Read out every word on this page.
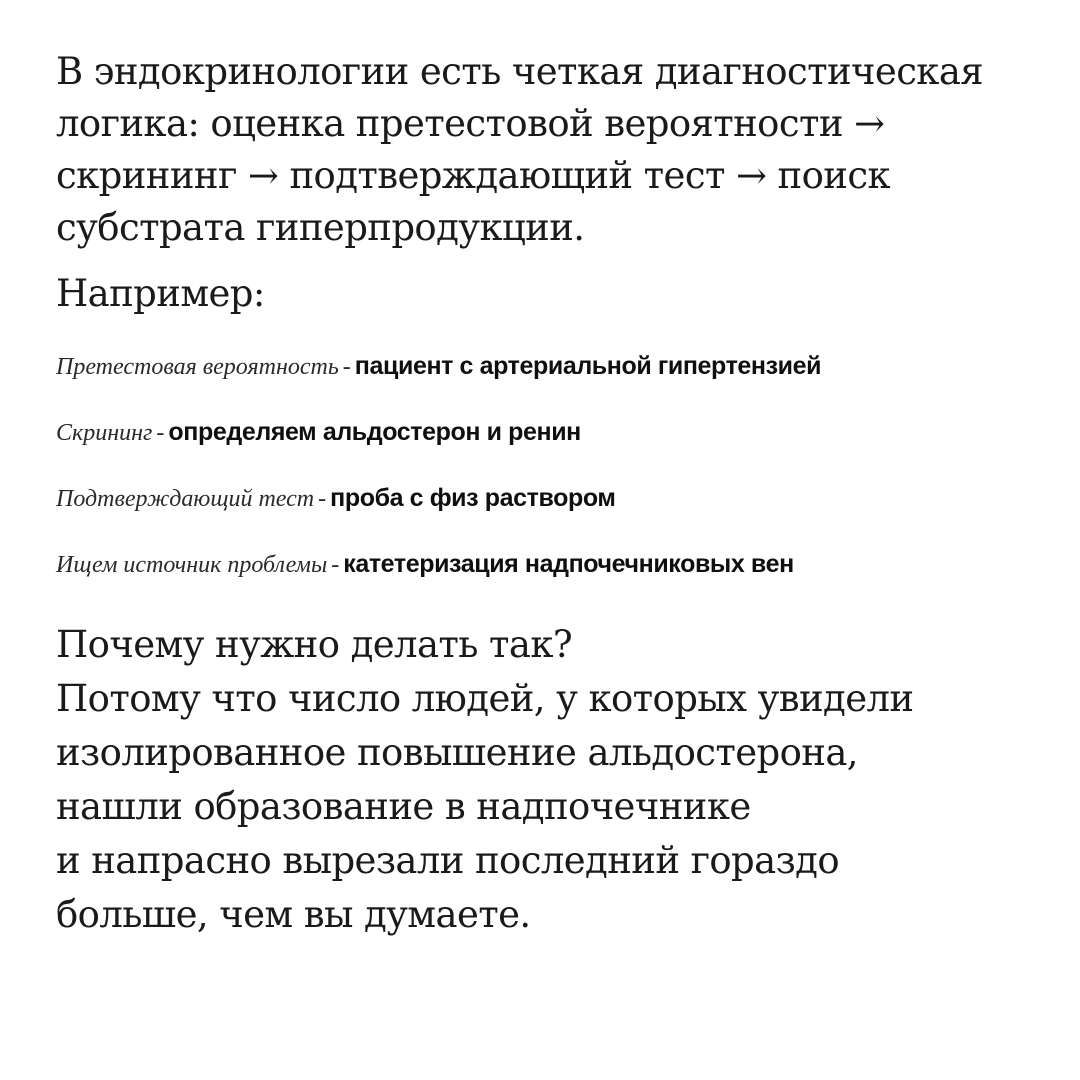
В эндокринологии есть четкая диагностическая
логика: оценка претестовой вероятности →
скрининг → подтверждающий тест → поиск
субстрата гиперпродукции.

Например:

Претестовая вероятность - пациент с артериальной гипертензией
Скрининг - определяем альдостерон и ренин
Подтверждающий тест - проба с физ раствором
Ищем источник проблемы - катетеризация надпочечниковых вен
Почему нужно делать так?
Потому что число людей, у которых увидели
изолированное повышение альдостерона,
нашли образование в надпочечнике
и напрасно вырезали последний гораздо
больше, чем вы думаете.
